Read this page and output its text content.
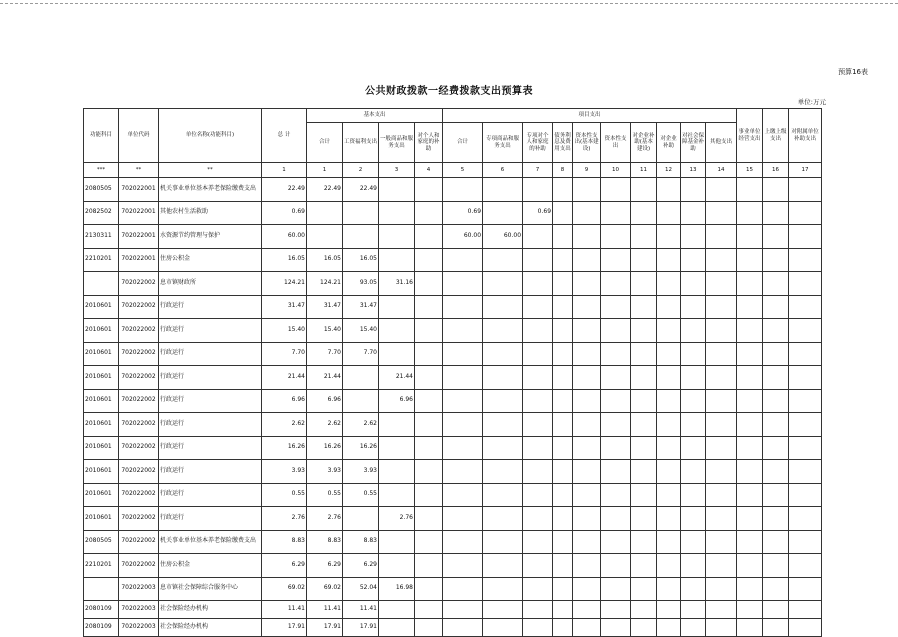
预算16表
公共财政拨款一经费拨款支出预算表
单位:万元
功能科目	单位代码	单位名称(功能科目)	总 计	基本支出				项目支出										事业单位经营支出	上缴上级支出	对附属单位补助支出
				合计	工资福利支出	一般商品和服务支出	对个人和家庭的补助	合计	专项商品和服务支出	专项对个人和家庭的补助	债务利息及费用支出	资本性支出(基本建设)	资本性支出	对企业补助(基本建设)	对企业补助	对社会保障基金补助	其他支出			
***	**	**	1	1	2	3	4	5	6	7	8	9	10	11	12	13	14	15	16	17
2080505	702022001	机关事业单位基本养老保险缴费支出	22.49	22.49	22.49															
2082502	702022001	其他农村生活救助	0.69					0.69		0.69										
2130311	702022001	水资源节约管理与保护	60.00					60.00	60.00											
2210201	702022001	住房公积金	16.05	16.05	16.05															
	702022002	息市镇财政所	124.21	124.21	93.05	31.16														
2010601	702022002	行政运行	31.47	31.47	31.47															
2010601	702022002	行政运行	15.40	15.40	15.40															
2010601	702022002	行政运行	7.70	7.70	7.70															
2010601	702022002	行政运行	21.44	21.44		21.44														
2010601	702022002	行政运行	6.96	6.96		6.96														
2010601	702022002	行政运行	2.62	2.62	2.62															
2010601	702022002	行政运行	16.26	16.26	16.26															
2010601	702022002	行政运行	3.93	3.93	3.93															
2010601	702022002	行政运行	0.55	0.55	0.55															
2010601	702022002	行政运行	2.76	2.76		2.76														
2080505	702022002	机关事业单位基本养老保险缴费支出	8.83	8.83	8.83															
2210201	702022002	住房公积金	6.29	6.29	6.29															
	702022003	息市镇社会保障综合服务中心	69.02	69.02	52.04	16.98														
2080109	702022003	社会保险经办机构	11.41	11.41	11.41															
2080109	702022003	社会保险经办机构	17.91	17.91	17.91															
